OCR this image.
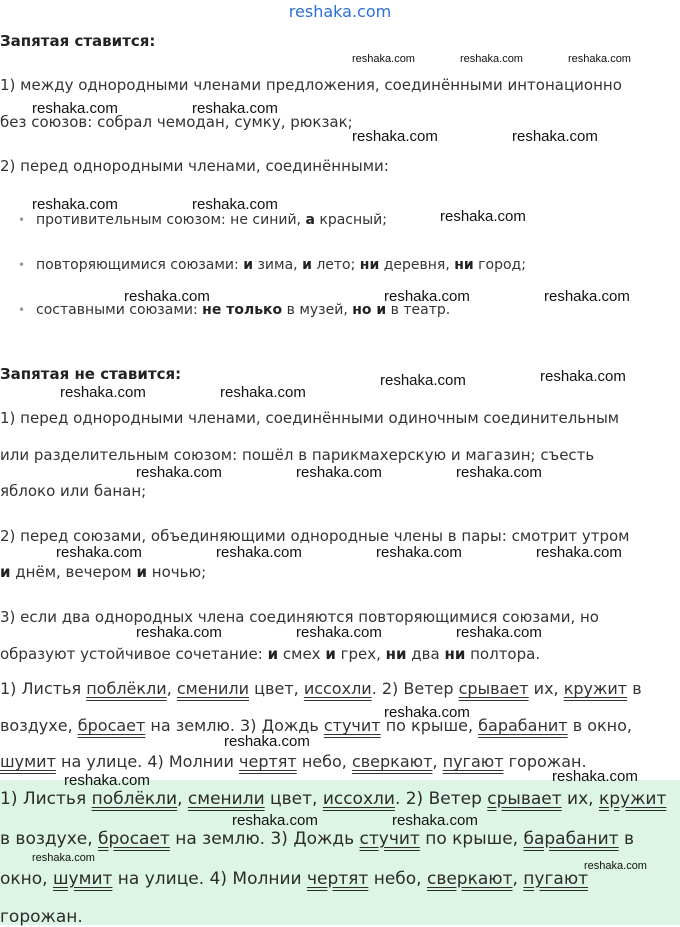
reshaka.com
Запятая ставится:
1) между однородными членами предложения, соединёнными интонационно
без союзов: собрал чемодан, сумку, рюкзак;
2) перед однородными членами, соединёнными:
• противительным союзом: не синий, а красный;
• повторяющимися союзами: и зима, и лето; ни деревня, ни город;
• составными союзами: не только в музей, но и в театр.
Запятая не ставится:
1) перед однородными членами, соединёнными одиночным соединительным
или разделительным союзом: пошёл в парикмахерскую и магазин; съесть
яблоко или банан;
2) перед союзами, объединяющими однородные члены в пары: смотрит утром
и днём, вечером и ночью;
3) если два однородных члена соединяются повторяющимися союзами, но
образуют устойчивое сочетание: и смех и грех, ни два ни полтора.
1) Листья поблёкли, сменили цвет, иссохли. 2) Ветер срывает их, кружит в
воздухе, бросает на землю. 3) Дождь стучит по крыше, барабанит в окно,
шумит на улице. 4) Молнии чертят небо, сверкают, пугают горожан.
1) Листья поблёкли, сменили цвет, иссохли. 2) Ветер срывает их, кружит
в воздухе, бросает на землю. 3) Дождь стучит по крыше, барабанит в
окно, шумит на улице. 4) Молнии чертят небо, сверкают, пугают
горожан.
reshaka.com	reshaka.com	reshaka.com
reshaka.com	reshaka.com
reshaka.com	reshaka.com
reshaka.com	reshaka.com
reshaka.com
reshaka.com	reshaka.com	reshaka.com
reshaka.com
reshaka.com
reshaka.com	reshaka.com
reshaka.com	reshaka.com	reshaka.com
reshaka.com	reshaka.com	reshaka.com	reshaka.com
reshaka.com	reshaka.com	reshaka.com
reshaka.com
reshaka.com
reshaka.com	reshaka.com
reshaka.com	reshaka.com
reshaka.com
reshaka.com
